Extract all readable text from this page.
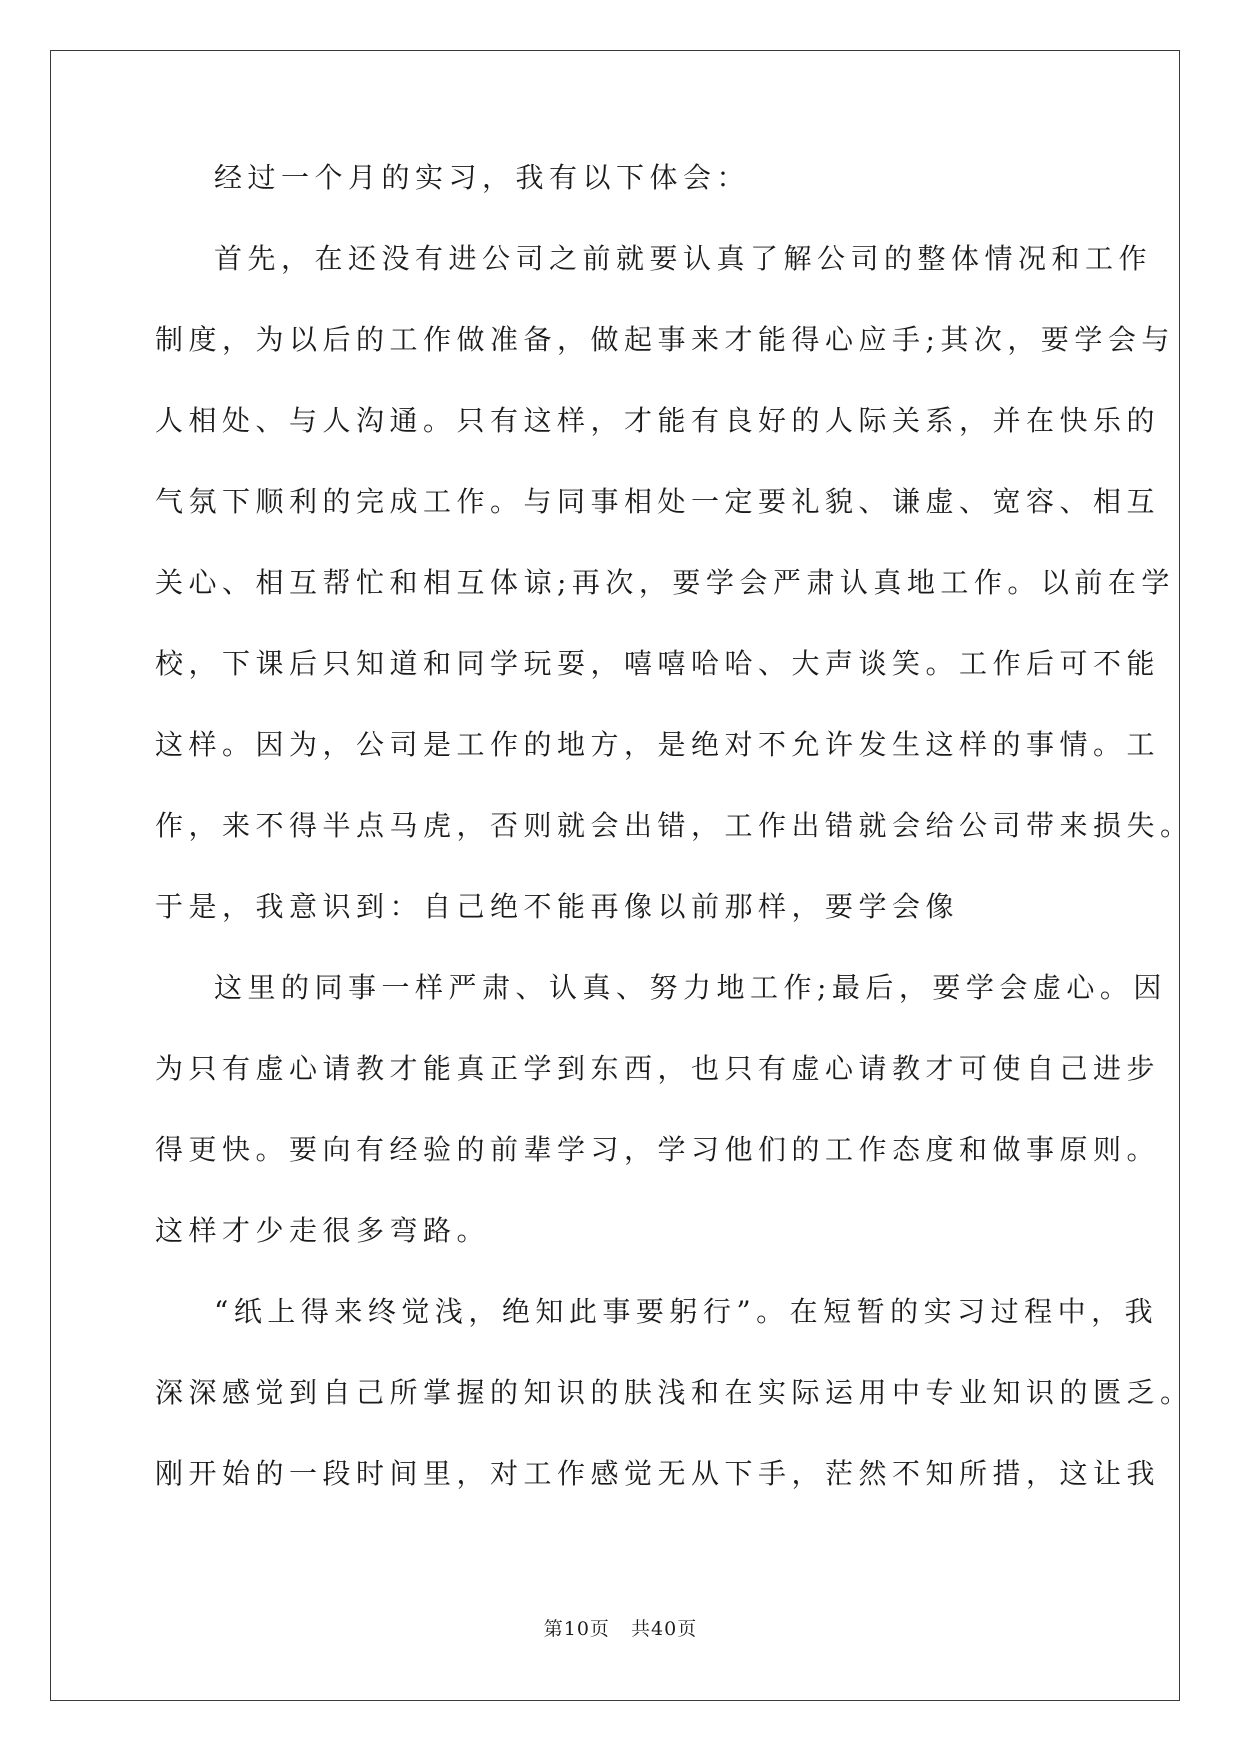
经过一个月的实习，我有以下体会：
首先，在还没有进公司之前就要认真了解公司的整体情况和工作
制度，为以后的工作做准备，做起事来才能得心应手;其次，要学会与
人相处、与人沟通。只有这样，才能有良好的人际关系，并在快乐的
气氛下顺利的完成工作。与同事相处一定要礼貌、谦虚、宽容、相互
关心、相互帮忙和相互体谅;再次，要学会严肃认真地工作。以前在学
校，下课后只知道和同学玩耍，嘻嘻哈哈、大声谈笑。工作后可不能
这样。因为，公司是工作的地方，是绝对不允许发生这样的事情。工
作，来不得半点马虎，否则就会出错，工作出错就会给公司带来损失。
于是，我意识到：自己绝不能再像以前那样，要学会像
这里的同事一样严肃、认真、努力地工作;最后，要学会虚心。因
为只有虚心请教才能真正学到东西，也只有虚心请教才可使自己进步
得更快。要向有经验的前辈学习，学习他们的工作态度和做事原则。
这样才少走很多弯路。
“纸上得来终觉浅，绝知此事要躬行”。在短暂的实习过程中，我
深深感觉到自己所掌握的知识的肤浅和在实际运用中专业知识的匮乏。
刚开始的一段时间里，对工作感觉无从下手，茫然不知所措，这让我
第10页   共40页
